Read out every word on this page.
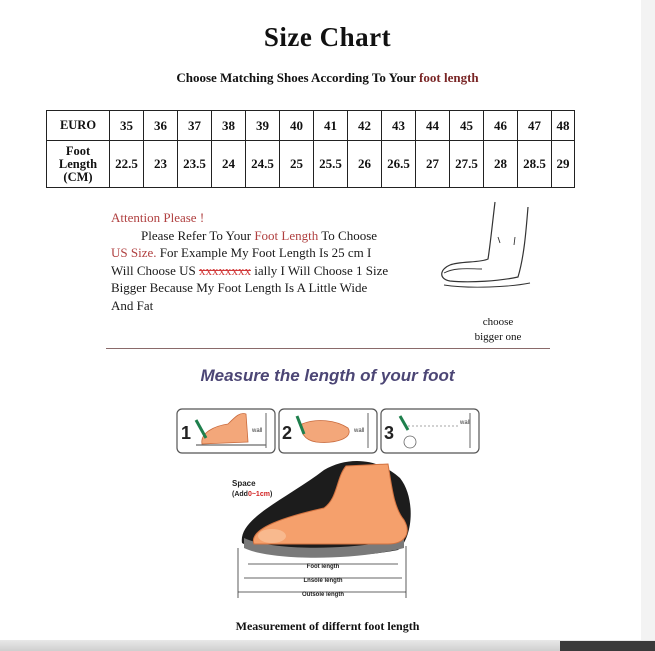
Size Chart
Choose Matching Shoes According To Your foot length
EURO	35	36	37	38	39	40	41	42	43	44	45	46	47	48
Foot
Length
(CM)	22.5	23	23.5	24	24.5	25	25.5	26	26.5	27	27.5	28	28.5	29

Attention Please !

Please Refer To Your Foot Length To Choose

US Size. For Example My Foot Length Is 25 cm I

Will Choose US xxxxxxxx ially I Will Choose 1 Size

Bigger Because My Foot Length Is A Little Wide

And Fat

choose
bigger one
Measure the length of your foot
1	wall 2	wall 3	wall
Space
(Add0~1cm)
Foot length
Lnsole length
Outsole length
Measurement of differnt foot length
